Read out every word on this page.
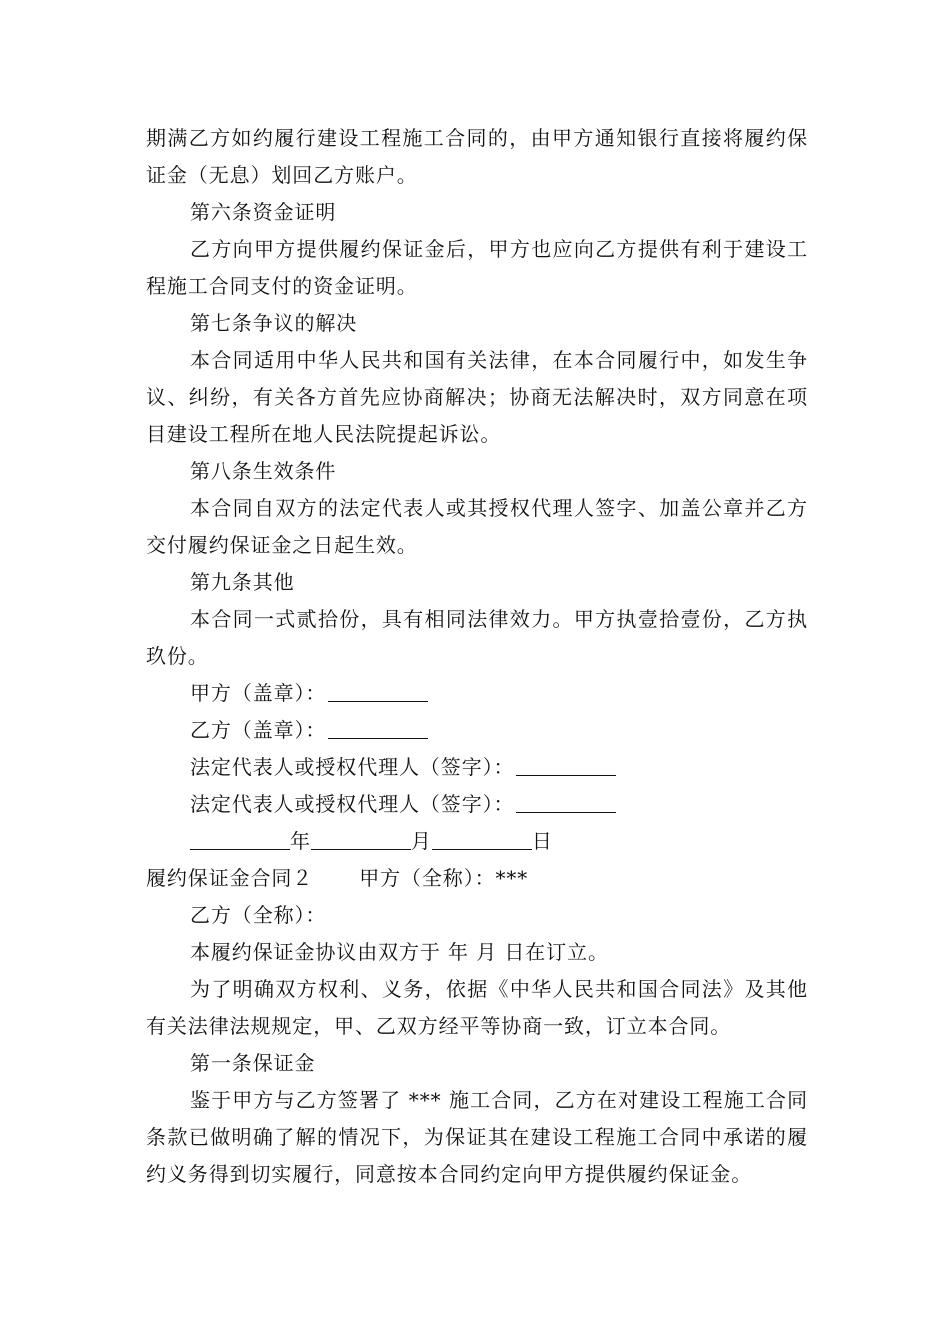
期满乙方如约履行建设工程施工合同的，由甲方通知银行直接将履约保证金（无息）划回乙方账户。
第六条资金证明
乙方向甲方提供履约保证金后，甲方也应向乙方提供有利于建设工程施工合同支付的资金证明。
第七条争议的解决
本合同适用中华人民共和国有关法律，在本合同履行中，如发生争议、纠纷，有关各方首先应协商解决；协商无法解决时，双方同意在项目建设工程所在地人民法院提起诉讼。
第八条生效条件
本合同自双方的法定代表人或其授权代理人签字、加盖公章并乙方交付履约保证金之日起生效。
第九条其他
本合同一式贰拾份，具有相同法律效力。甲方执壹拾壹份，乙方执玖份。
甲方（盖章）：
乙方（盖章）：
法定代表人或授权代理人（签字）：
法定代表人或授权代理人（签字）：
年	月	日
履约保证金合同２ 甲方（全称）：***
乙方（全称）：
本履约保证金协议由双方于 年 月 日在订立。
为了明确双方权利、义务，依据《中华人民共和国合同法》及其他有关法律法规规定，甲、乙双方经平等协商一致，订立本合同。
第一条保证金
鉴于甲方与乙方签署了 *** 施工合同，乙方在对建设工程施工合同条款已做明确了解的情况下，为保证其在建设工程施工合同中承诺的履约义务得到切实履行，同意按本合同约定向甲方提供履约保证金。
